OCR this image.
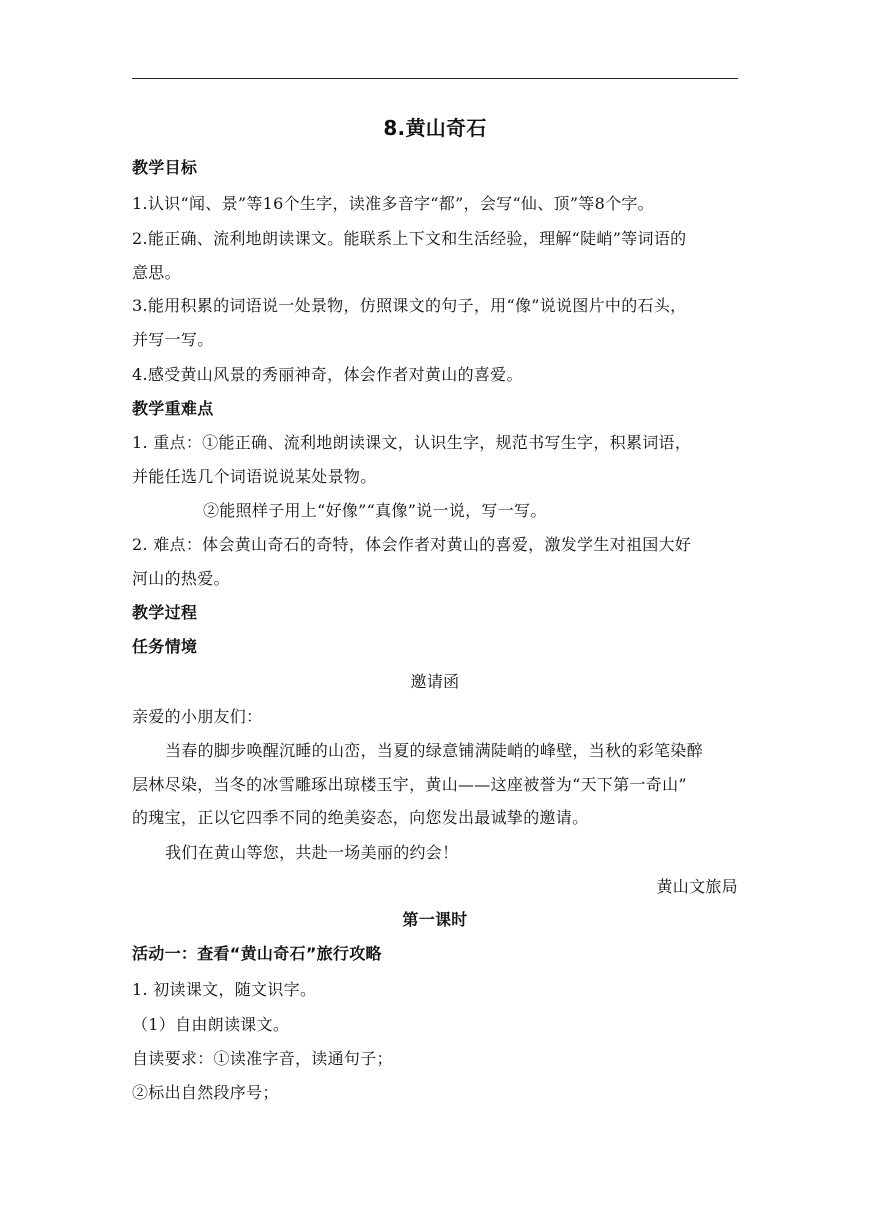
8.黄山奇石
教学目标
1.认识“闻、景”等16个生字，读准多音字“都”，会写“仙、顶”等8个字。
2.能正确、流利地朗读课文。能联系上下文和生活经验，理解“陡峭”等词语的
意思。
3.能用积累的词语说一处景物，仿照课文的句子，用“像”说说图片中的石头，
并写一写。
4.感受黄山风景的秀丽神奇，体会作者对黄山的喜爱。
教学重难点
1. 重点：①能正确、流利地朗读课文，认识生字，规范书写生字，积累词语，
并能任选几个词语说说某处景物。
②能照样子用上“好像”“真像”说一说，写一写。
2. 难点：体会黄山奇石的奇特，体会作者对黄山的喜爱，激发学生对祖国大好
河山的热爱。
教学过程
任务情境
邀请函
亲爱的小朋友们：
当春的脚步唤醒沉睡的山峦，当夏的绿意铺满陡峭的峰壁，当秋的彩笔染醉
层林尽染，当冬的冰雪雕琢出琼楼玉宇，黄山——这座被誉为“天下第一奇山”
的瑰宝，正以它四季不同的绝美姿态，向您发出最诚挚的邀请。
我们在黄山等您，共赴一场美丽的约会！
黄山文旅局
第一课时
活动一：查看“黄山奇石”旅行攻略
1. 初读课文，随文识字。
（1）自由朗读课文。
自读要求：①读准字音，读通句子；
②标出自然段序号；
